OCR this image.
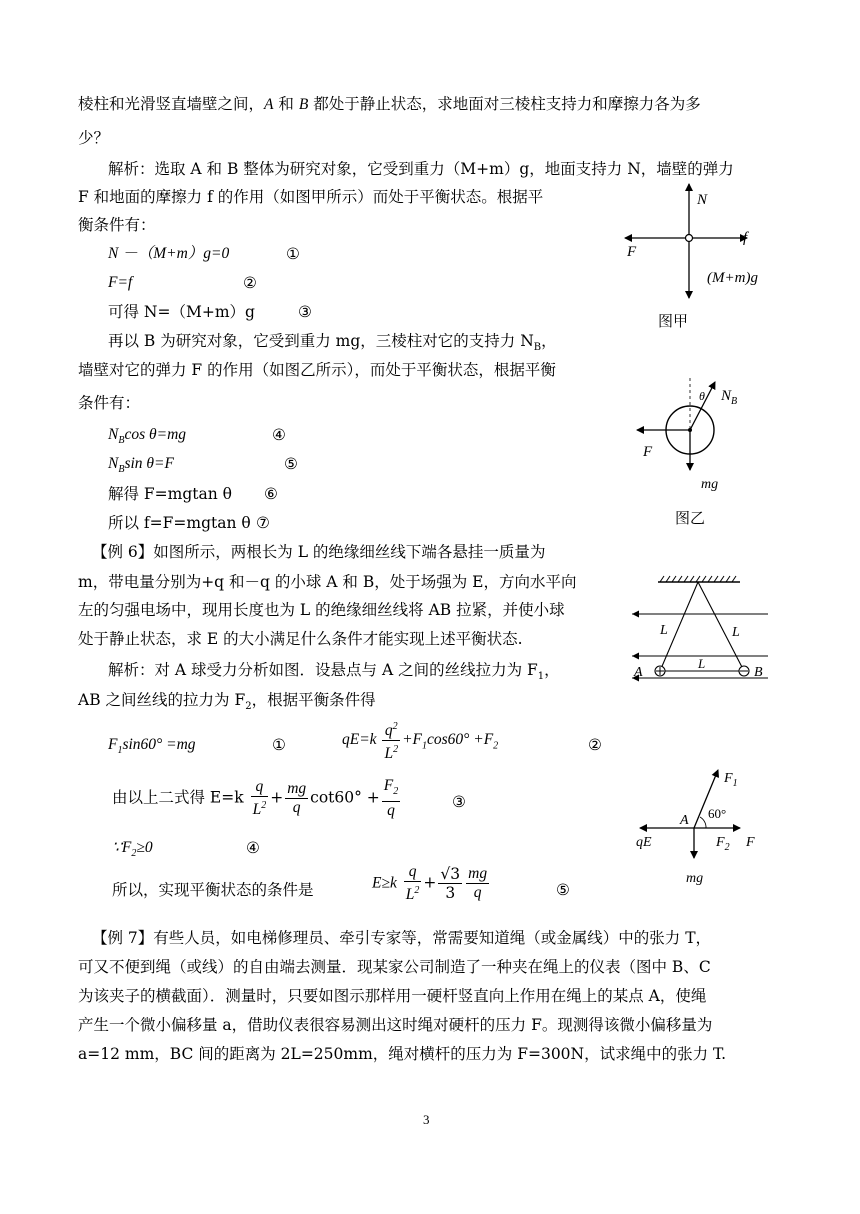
棱柱和光滑竖直墙壁之间，A 和 B 都处于静止状态，求地面对三棱柱支持力和摩擦力各为多
少？
解析：选取 A 和 B 整体为研究对象，它受到重力（M+m）g，地面支持力 N，墙壁的弹力
F 和地面的摩擦力 f 的作用（如图甲所示）而处于平衡状态。根据平
衡条件有：
N －（M+m）g=0	①
F=f	②
可得 N=（M+m）g	③
再以 B 为研究对象，它受到重力 mg，三棱柱对它的支持力 $N_B$，
墙壁对它的弹力 F 的作用（如图乙所示），而处于平衡状态，根据平衡
条件有：
$N_B\cos$ θ=mg	④
$N_B\sin$ θ=F	⑤
解得 F=mgtan θ ⑥
所以 f=F=mgtan θ ⑦
【例 6】如图所示，两根长为 L 的绝缘细丝线下端各悬挂一质量为
m，带电量分别为+q 和－q 的小球 A 和 B，处于场强为 E，方向水平向
左的匀强电场中，现用长度也为 L 的绝缘细丝线将 AB 拉紧，并使小球
处于静止状态，求 E 的大小满足什么条件才能实现上述平衡状态.
解析：对 A 球受力分析如图．设悬点与 A 之间的丝线拉力为 $F_1$，
AB 之间丝线的拉力为 $F_2$，根据平衡条件得
$F_1\sin 60^\circ =mg$	①	$qE=k \frac{q^2}{L^2} +F_1\cos 60^\circ +F_2$	②
由以上二式得 $E=k \frac{q}{L^2} + \frac{mg}{q} \cot 60^\circ + \frac{F_2}{q}$	③
$\because F_2\ge 0$	④
所以，实现平衡状态的条件是	$E\ge k \frac{q}{L^2} + \frac{√3}{3} \frac{mg}{q}$	⑤
【例 7】有些人员，如电梯修理员、牵引专家等，常需要知道绳（或金属线）中的张力 T，
可又不便到绳（或线）的自由端去测量．现某家公司制造了一种夹在绳上的仪表（图中 B、C
为该夹子的横截面）．测量时，只要如图示那样用一硬杆竖直向上作用在绳上的某点 A，使绳
产生一个微小偏移量 a，借助仪表很容易测出这时绳对硬杆的压力 F。现测得该微小偏移量为
a=12 mm，BC 间的距离为 2L=250mm，绳对横杆的压力为 F=300N，试求绳中的张力 T.
N
F
f
(M+m)g
图甲
θ $N_B$
F
mg
图乙
L	L
L
A	B
$F_1$
A 60°
qE	$F_2$ F
mg
3
